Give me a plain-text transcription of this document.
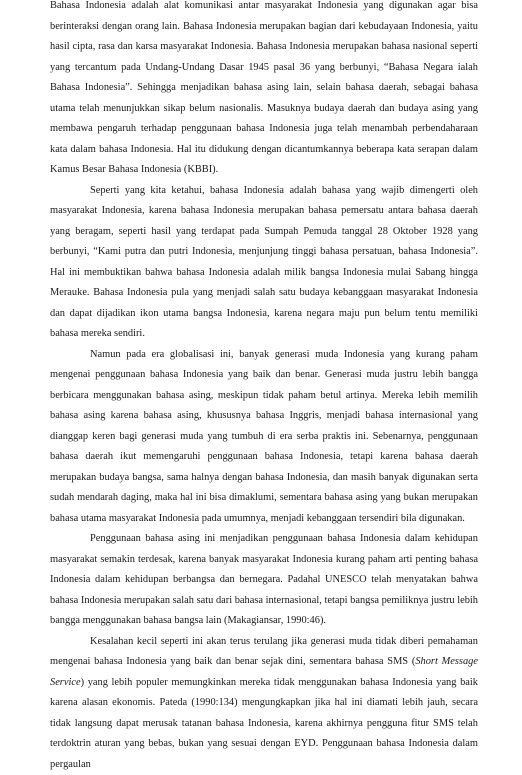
Bahasa Indonesia adalah alat komunikasi antar masyarakat Indonesia yang digunakan agar bisa berinteraksi dengan orang lain. Bahasa Indonesia merupakan bagian dari kebudayaan Indonesia, yaitu hasil cipta, rasa dan karsa masyarakat Indonesia. Bahasa Indonesia merupakan bahasa nasional seperti yang tercantum pada Undang-Undang Dasar 1945 pasal 36 yang berbunyi, “Bahasa Negara ialah Bahasa Indonesia”. Sehingga menjadikan bahasa asing lain, selain bahasa daerah, sebagai bahasa utama telah menunjukkan sikap belum nasionalis. Masuknya budaya daerah dan budaya asing yang membawa pengaruh terhadap penggunaan bahasa Indonesia juga telah menambah perbendaharaan kata dalam bahasa Indonesia. Hal itu didukung dengan dicantumkannya beberapa kata serapan dalam Kamus Besar Bahasa Indonesia (KBBI).

Seperti yang kita ketahui, bahasa Indonesia adalah bahasa yang wajib dimengerti oleh masyarakat Indonesia, karena bahasa Indonesia merupakan bahasa pemersatu antara bahasa daerah yang beragam, seperti hasil yang terdapat pada Sumpah Pemuda tanggal 28 Oktober 1928 yang berbunyi, “Kami putra dan putri Indonesia, menjunjung tinggi bahasa persatuan, bahasa Indonesia”. Hal ini membuktikan bahwa bahasa Indonesia adalah milik bangsa Indonesia mulai Sabang hingga Merauke. Bahasa Indonesia pula yang menjadi salah satu budaya kebanggaan masyarakat Indonesia dan dapat dijadikan ikon utama bangsa Indonesia, karena negara maju pun belum tentu memiliki bahasa mereka sendiri.

Namun pada era globalisasi ini, banyak generasi muda Indonesia yang kurang paham mengenai penggunaan bahasa Indonesia yang baik dan benar. Generasi muda justru lebih bangga berbicara menggunakan bahasa asing, meskipun tidak paham betul artinya. Mereka lebih memilih bahasa asing karena bahasa asing, khususnya bahasa Inggris, menjadi bahasa internasional yang dianggap keren bagi generasi muda yang tumbuh di era serba praktis ini. Sebenarnya, penggunaan bahasa daerah ikut memengaruhi penggunaan bahasa Indonesia, tetapi karena bahasa daerah merupakan budaya bangsa, sama halnya dengan bahasa Indonesia, dan masih banyak digunakan serta sudah mendarah daging, maka hal ini bisa dimaklumi, sementara bahasa asing yang bukan merupakan bahasa utama masyarakat Indonesia pada umumnya, menjadi kebanggaan tersendiri bila digunakan.

Penggunaan bahasa asing ini menjadikan penggunaan bahasa Indonesia dalam kehidupan masyarakat semakin terdesak, karena banyak masyarakat Indonesia kurang paham arti penting bahasa Indonesia dalam kehidupan berbangsa dan bernegara. Padahal UNESCO telah menyatakan bahwa bahasa Indonesia merupakan salah satu dari bahasa internasional, tetapi bangsa pemiliknya justru lebih bangga menggunakan bahasa bangsa lain (Makagiansar, 1990:46).

Kesalahan kecil seperti ini akan terus terulang jika generasi muda tidak diberi pemahaman mengenai bahasa Indonesia yang baik dan benar sejak dini, sementara bahasa SMS (Short Message Service) yang lebih populer memungkinkan mereka tidak menggunakan bahasa Indonesia yang baik karena alasan ekonomis. Pateda (1990:134) mengungkapkan jika hal ini diamati lebih jauh, secara tidak langsung dapat merusak tatanan bahasa Indonesia, karena akhirnya pengguna fitur SMS telah terdoktrin aturan yang bebas, bukan yang sesuai dengan EYD. Penggunaan bahasa Indonesia dalam pergaulan
